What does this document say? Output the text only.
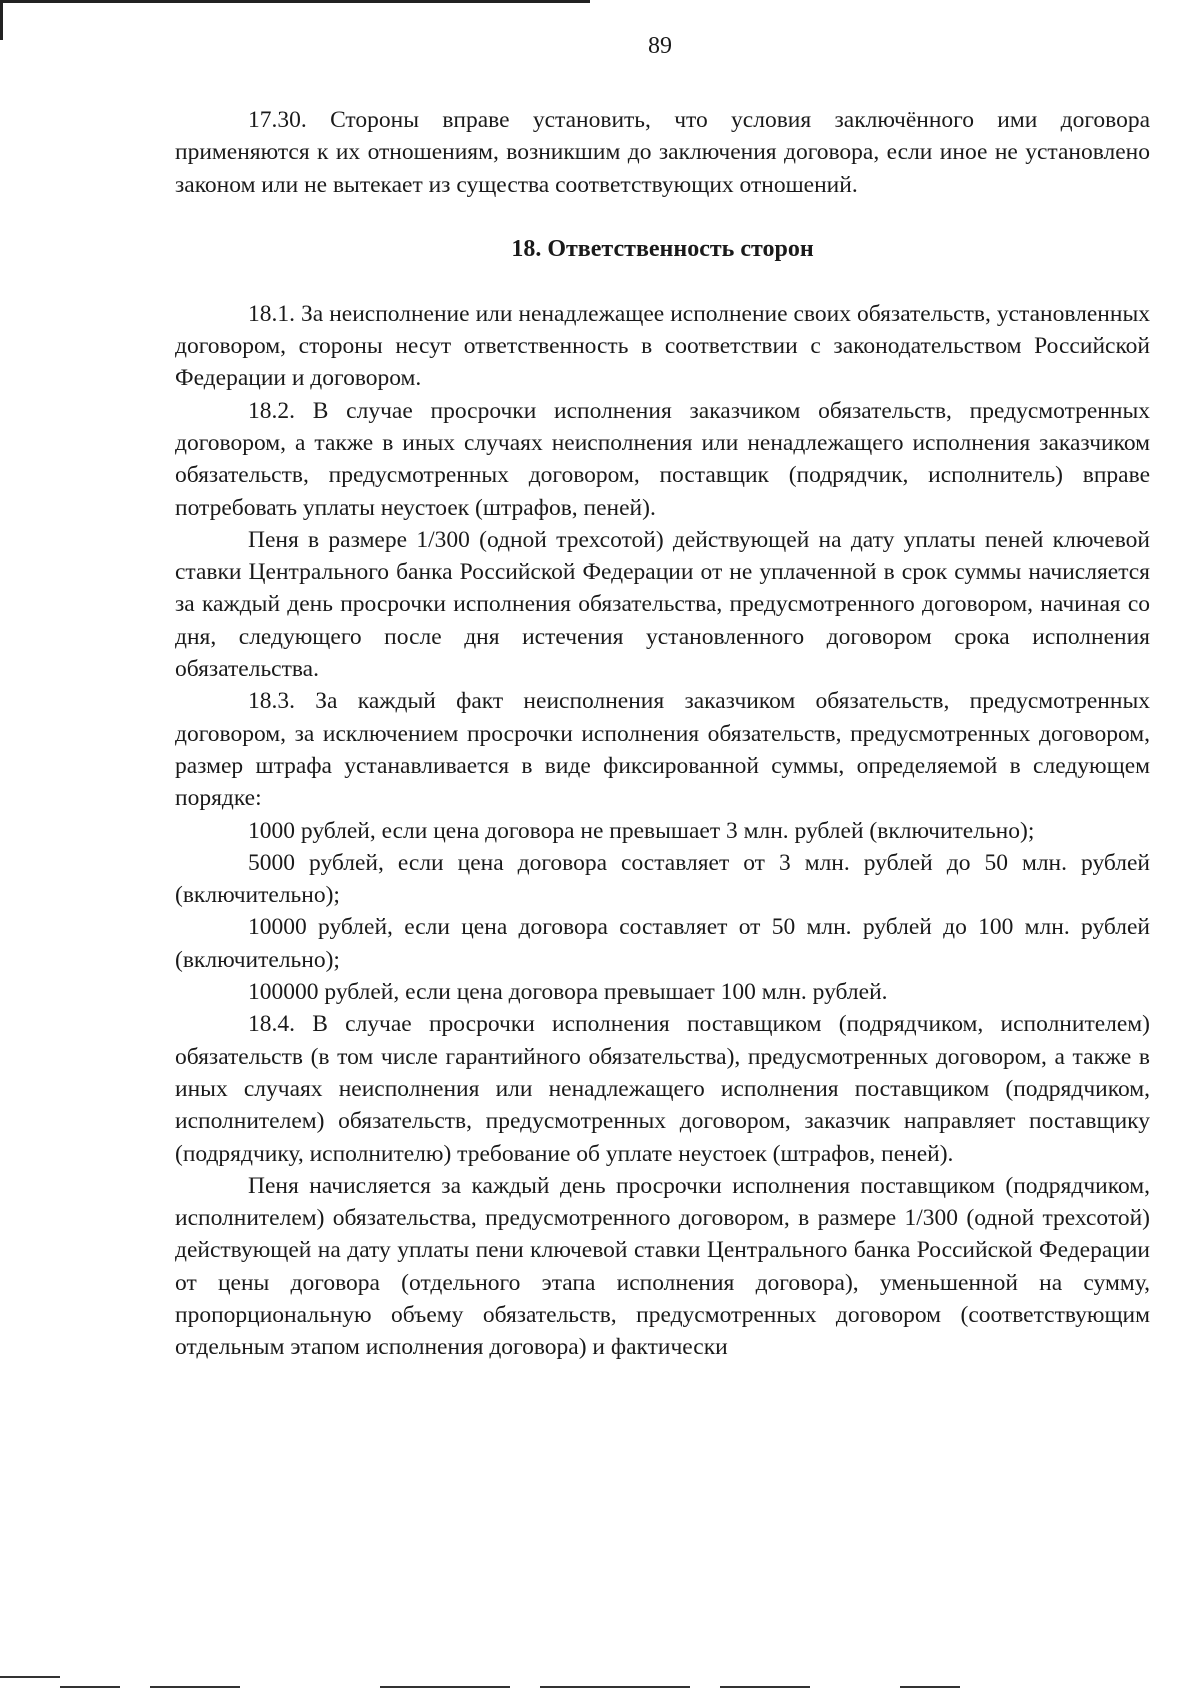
89

17.30. Стороны вправе установить, что условия заключённого ими договора применяются к их отношениям, возникшим до заключения договора, если иное не установлено законом или не вытекает из существа соответствующих отношений.

18. Ответственность сторон

18.1. За неисполнение или ненадлежащее исполнение своих обязательств, установленных договором, стороны несут ответственность в соответствии с законодательством Российской Федерации и договором.

18.2. В случае просрочки исполнения заказчиком обязательств, предусмотренных договором, а также в иных случаях неисполнения или ненадлежащего исполнения заказчиком обязательств, предусмотренных договором, поставщик (подрядчик, исполнитель) вправе потребовать уплаты неустоек (штрафов, пеней).

Пеня в размере 1/300 (одной трехсотой) действующей на дату уплаты пеней ключевой ставки Центрального банка Российской Федерации от не уплаченной в срок суммы начисляется за каждый день просрочки исполнения обязательства, предусмотренного договором, начиная со дня, следующего после дня истечения установленного договором срока исполнения обязательства.

18.3. За каждый факт неисполнения заказчиком обязательств, предусмотренных договором, за исключением просрочки исполнения обязательств, предусмотренных договором, размер штрафа устанавливается в виде фиксированной суммы, определяемой в следующем порядке:

1000 рублей, если цена договора не превышает 3 млн. рублей (включительно);

5000 рублей, если цена договора составляет от 3 млн. рублей до 50 млн. рублей (включительно);

10000 рублей, если цена договора составляет от 50 млн. рублей до 100 млн. рублей (включительно);

100000 рублей, если цена договора превышает 100 млн. рублей.

18.4. В случае просрочки исполнения поставщиком (подрядчиком, исполнителем) обязательств (в том числе гарантийного обязательства), предусмотренных договором, а также в иных случаях неисполнения или ненадлежащего исполнения поставщиком (подрядчиком, исполнителем) обязательств, предусмотренных договором, заказчик направляет поставщику (подрядчику, исполнителю) требование об уплате неустоек (штрафов, пеней).

Пеня начисляется за каждый день просрочки исполнения поставщиком (подрядчиком, исполнителем) обязательства, предусмотренного договором, в размере 1/300 (одной трехсотой) действующей на дату уплаты пени ключевой ставки Центрального банка Российской Федерации от цены договора (отдельного этапа исполнения договора), уменьшенной на сумму, пропорциональную объему обязательств, предусмотренных договором (соответствующим отдельным этапом исполнения договора) и фактически
